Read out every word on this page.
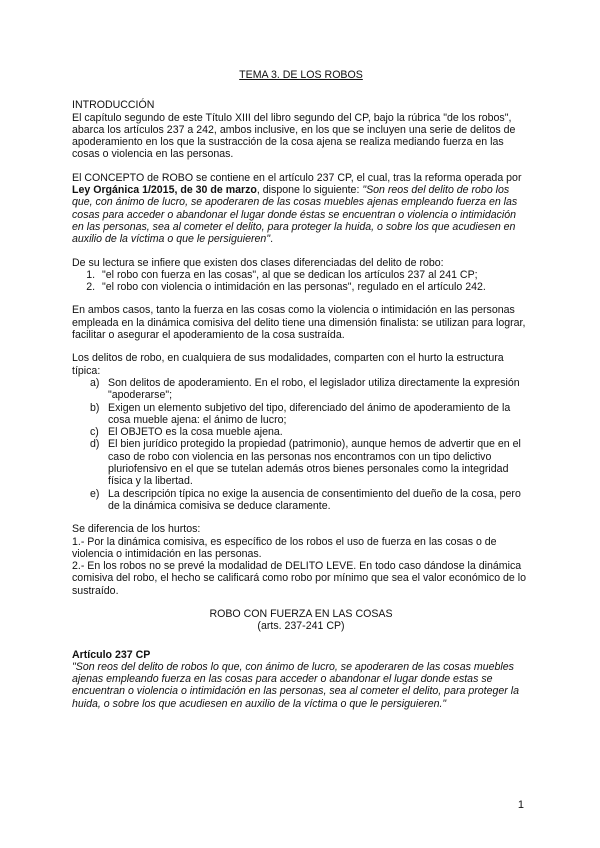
TEMA 3. DE LOS ROBOS

INTRODUCCIÓN

El capítulo segundo de este Título XIII del libro segundo del CP, bajo la rúbrica "de los robos", abarca los artículos 237 a 242, ambos inclusive, en los que se incluyen una serie de delitos de apoderamiento en los que la sustracción de la cosa ajena se realiza mediando fuerza en las cosas o violencia en las personas.

El CONCEPTO de ROBO se contiene en el artículo 237 CP, el cual, tras la reforma operada por Ley Orgánica 1/2015, de 30 de marzo, dispone lo siguiente: "Son reos del delito de robo los que, con ánimo de lucro, se apoderaren de las cosas muebles ajenas empleando fuerza en las cosas para acceder o abandonar el lugar donde éstas se encuentran o violencia o intimidación en las personas, sea al cometer el delito, para proteger la huida, o sobre los que acudiesen en auxilio de la víctima o que le persiguieren".

De su lectura se infiere que existen dos clases diferenciadas del delito de robo:

1. "el robo con fuerza en las cosas", al que se dedican los artículos 237 al 241 CP;
2. "el robo con violencia o intimidación en las personas", regulado en el artículo 242.

En ambos casos, tanto la fuerza en las cosas como la violencia o intimidación en las personas empleada en la dinámica comisiva del delito tiene una dimensión finalista: se utilizan para lograr, facilitar o asegurar el apoderamiento de la cosa sustraída.

Los delitos de robo, en cualquiera de sus modalidades, comparten con el hurto la estructura típica:

a) Son delitos de apoderamiento. En el robo, el legislador utiliza directamente la expresión "apoderarse";
b) Exigen un elemento subjetivo del tipo, diferenciado del ánimo de apoderamiento de la cosa mueble ajena: el ánimo de lucro;
c) El OBJETO es la cosa mueble ajena.
d) El bien jurídico protegido la propiedad (patrimonio), aunque hemos de advertir que en el caso de robo con violencia en las personas nos encontramos con un tipo delictivo pluriofensivo en el que se tutelan además otros bienes personales como la integridad física y la libertad.
e) La descripción típica no exige la ausencia de consentimiento del dueño de la cosa, pero de la dinámica comisiva se deduce claramente.

Se diferencia de los hurtos:

1.- Por la dinámica comisiva, es específico de los robos el uso de fuerza en las cosas o de violencia o intimidación en las personas.

2.- En los robos no se prevé la modalidad de DELITO LEVE. En todo caso dándose la dinámica comisiva del robo, el hecho se calificará como robo por mínimo que sea el valor económico de lo sustraído.

ROBO CON FUERZA EN LAS COSAS

(arts. 237-241 CP)

Artículo 237 CP

"Son reos del delito de robos lo que, con ánimo de lucro, se apoderaren de las cosas muebles ajenas empleando fuerza en las cosas para acceder o abandonar el lugar donde estas se encuentran o violencia o intimidación en las personas, sea al cometer el delito, para proteger la huida, o sobre los que acudiesen en auxilio de la víctima o que le persiguieren."

1
